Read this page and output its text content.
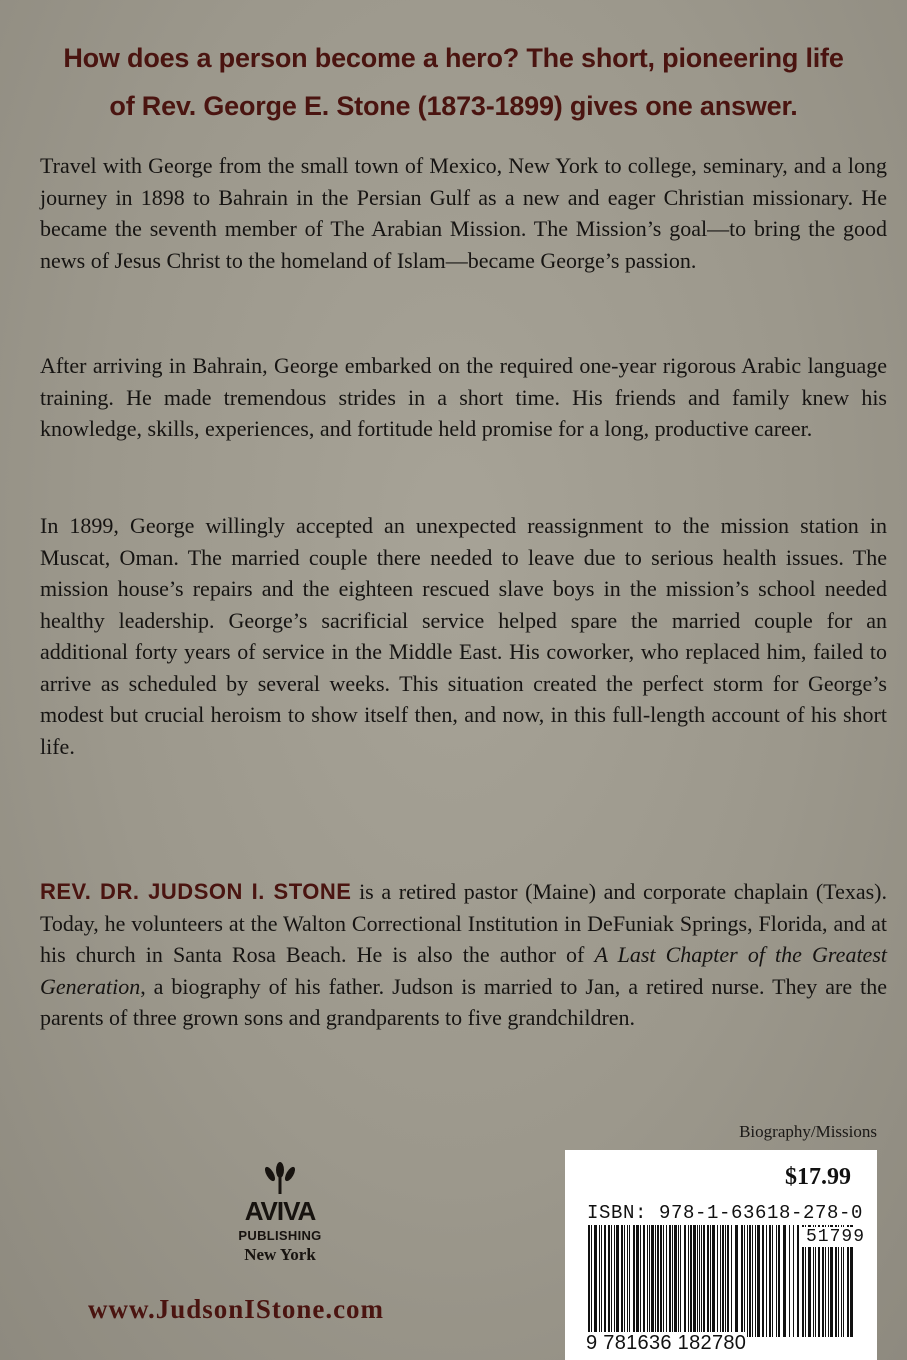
How does a person become a hero? The short, pioneering life
of Rev. George E. Stone (1873-1899) gives one answer.

Travel with George from the small town of Mexico, New York to college, seminary, and a long journey in 1898 to Bahrain in the Persian Gulf as a new and eager Christian missionary. He became the seventh member of The Arabian Mission. The Mission’s goal—to bring the good news of Jesus Christ to the homeland of Islam—became George’s passion.

After arriving in Bahrain, George embarked on the required one-year rigorous Arabic language training. He made tremendous strides in a short time. His friends and family knew his knowledge, skills, experiences, and fortitude held promise for a long, productive career.

In 1899, George willingly accepted an unexpected reassignment to the mission station in Muscat, Oman. The married couple there needed to leave due to serious health issues. The mission house’s repairs and the eighteen rescued slave boys in the mission’s school needed healthy leadership. George’s sacrificial service helped spare the married couple for an additional forty years of service in the Middle East. His coworker, who replaced him, failed to arrive as scheduled by several weeks. This situation created the perfect storm for George’s modest but crucial heroism to show itself then, and now, in this full-length account of his short life.

REV. DR. JUDSON I. STONE is a retired pastor (Maine) and corporate chaplain (Texas). Today, he volunteers at the Walton Correctional Institution in DeFuniak Springs, Florida, and at his church in Santa Rosa Beach. He is also the author of A Last Chapter of the Greatest Generation, a biography of his father. Judson is married to Jan, a retired nurse. They are the parents of three grown sons and grandparents to five grandchildren.

Biography/Missions
AVIVA
PUBLISHING
New York
www.JudsonIStone.com
$17.99
ISBN: 978-1-63618-278-0
51799
9 781636 182780
